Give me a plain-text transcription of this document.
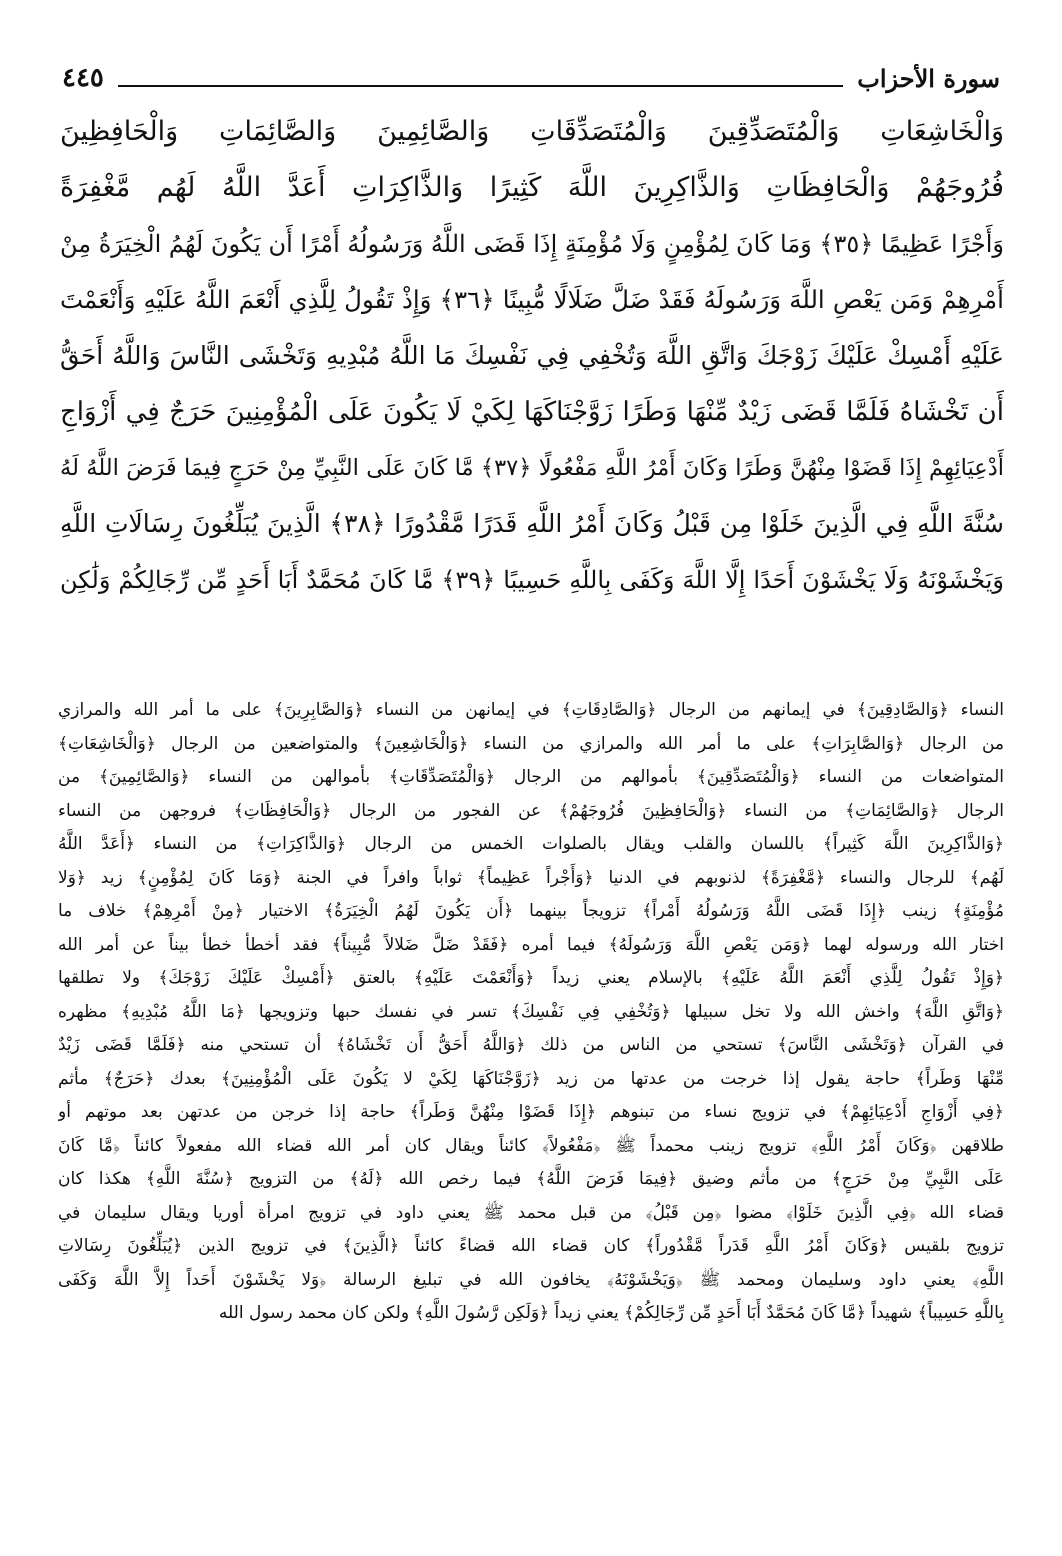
سورة الأحزاب
٤٤٥
وَالْخَاشِعَاتِ وَالْمُتَصَدِّقِينَ وَالْمُتَصَدِّقَاتِ وَالصَّائِمِينَ وَالصَّائِمَاتِ وَالْحَافِظِينَ
فُرُوجَهُمْ وَالْحَافِظَاتِ وَالذَّاكِرِينَ اللَّهَ كَثِيرًا وَالذَّاكِرَاتِ أَعَدَّ اللَّهُ لَهُم مَّغْفِرَةً
وَأَجْرًا عَظِيمًا ﴿٣٥﴾ وَمَا كَانَ لِمُؤْمِنٍ وَلَا مُؤْمِنَةٍ إِذَا قَضَى اللَّهُ وَرَسُولُهُ أَمْرًا أَن يَكُونَ لَهُمُ الْخِيَرَةُ مِنْ
أَمْرِهِمْ وَمَن يَعْصِ اللَّهَ وَرَسُولَهُ فَقَدْ ضَلَّ ضَلَالًا مُّبِينًا ﴿٣٦﴾ وَإِذْ تَقُولُ لِلَّذِي أَنْعَمَ اللَّهُ عَلَيْهِ وَأَنْعَمْتَ
عَلَيْهِ أَمْسِكْ عَلَيْكَ زَوْجَكَ وَاتَّقِ اللَّهَ وَتُخْفِي فِي نَفْسِكَ مَا اللَّهُ مُبْدِيهِ وَتَخْشَى النَّاسَ وَاللَّهُ أَحَقُّ
أَن تَخْشَاهُ فَلَمَّا قَضَى زَيْدٌ مِّنْهَا وَطَرًا زَوَّجْنَاكَهَا لِكَيْ لَا يَكُونَ عَلَى الْمُؤْمِنِينَ حَرَجٌ فِي أَزْوَاجِ
أَدْعِيَائِهِمْ إِذَا قَضَوْا مِنْهُنَّ وَطَرًا وَكَانَ أَمْرُ اللَّهِ مَفْعُولًا ﴿٣٧﴾ مَّا كَانَ عَلَى النَّبِيِّ مِنْ حَرَجٍ فِيمَا فَرَضَ اللَّهُ لَهُ
سُنَّةَ اللَّهِ فِي الَّذِينَ خَلَوْا مِن قَبْلُ وَكَانَ أَمْرُ اللَّهِ قَدَرًا مَّقْدُورًا ﴿٣٨﴾ الَّذِينَ يُبَلِّغُونَ رِسَالَاتِ اللَّهِ
وَيَخْشَوْنَهُ وَلَا يَخْشَوْنَ أَحَدًا إِلَّا اللَّهَ وَكَفَى بِاللَّهِ حَسِيبًا ﴿٣٩﴾ مَّا كَانَ مُحَمَّدٌ أَبَا أَحَدٍ مِّن رِّجَالِكُمْ وَلَٰكِن
النساء ﴿وَالصَّادِقِينَ﴾ في إيمانهم من الرجال ﴿وَالصَّادِقَاتِ﴾ في إيمانهن من النساء ﴿وَالصَّابِرِينَ﴾ على ما أمر الله والمرازي
من الرجال ﴿وَالصَّابِرَاتِ﴾ على ما أمر الله والمرازي من النساء ﴿وَالْخَاشِعِينَ﴾ والمتواضعين من الرجال ﴿وَالْخَاشِعَاتِ﴾
المتواضعات من النساء ﴿وَالْمُتَصَدِّقِينَ﴾ بأموالهم من الرجال ﴿وَالْمُتَصَدِّقَاتِ﴾ بأموالهن من النساء ﴿وَالصَّائِمِينَ﴾ من
الرجال ﴿وَالصَّائِمَاتِ﴾ من النساء ﴿وَالْحَافِظِينَ فُرُوجَهُمْ﴾ عن الفجور من الرجال ﴿وَالْحَافِظَاتِ﴾ فروجهن من النساء
﴿وَالذَّاكِرِينَ اللَّهَ كَثِيراً﴾ باللسان والقلب ويقال بالصلوات الخمس من الرجال ﴿وَالذَّاكِرَاتِ﴾ من النساء ﴿أَعَدَّ اللَّهُ
لَهُم﴾ للرجال والنساء ﴿مَّغْفِرَةً﴾ لذنوبهم في الدنيا ﴿وَأَجْراً عَظِيماً﴾ ثواباً وافراً في الجنة ﴿وَمَا كَانَ لِمُؤْمِنٍ﴾ زيد ﴿وَلا
مُؤْمِنَةٍ﴾ زينب ﴿إِذَا قَضَى اللَّهُ وَرَسُولُهُ أَمْراً﴾ تزويجاً بينهما ﴿أَن يَكُونَ لَهُمُ الْخِيَرَةُ﴾ الاختيار ﴿مِنْ أَمْرِهِمْ﴾ خلاف ما
اختار الله ورسوله لهما ﴿وَمَن يَعْصِ اللَّهَ وَرَسُولَهُ﴾ فيما أمره ﴿فَقَدْ ضَلَّ ضَلالاً مُّبِيناً﴾ فقد أخطأ خطأ بيناً عن أمر الله
﴿وَإِذْ تَقُولُ لِلَّذِي أَنْعَمَ اللَّهُ عَلَيْهِ﴾ بالإسلام يعني زيداً ﴿وَأَنْعَمْتَ عَلَيْهِ﴾ بالعتق ﴿أَمْسِكْ عَلَيْكَ زَوْجَكَ﴾ ولا تطلقها
﴿وَاتَّقِ اللَّهَ﴾ واخش الله ولا تخل سبيلها ﴿وَتُخْفِي فِي نَفْسِكَ﴾ تسر في نفسك حبها وتزويجها ﴿مَا اللَّهُ مُبْدِيهِ﴾ مظهره
في القرآن ﴿وَتَخْشَى النَّاسَ﴾ تستحي من الناس من ذلك ﴿وَاللَّهُ أَحَقُّ أَن تَخْشَاهُ﴾ أن تستحي منه ﴿فَلَمَّا قَضَى زَيْدٌ
مِّنْهَا وَطَراً﴾ حاجة يقول إذا خرجت من عدتها من زيد ﴿زَوَّجْنَاكَهَا لِكَيْ لا يَكُونَ عَلَى الْمُؤْمِنِينَ﴾ بعدك ﴿حَرَجٌ﴾ مأثم
﴿فِي أَزْوَاجِ أَدْعِيَائِهِمْ﴾ في تزويج نساء من تبنوهم ﴿إِذَا قَضَوْا مِنْهُنَّ وَطَراً﴾ حاجة إذا خرجن من عدتهن بعد موتهم أو
طلاقهن ﴿وَكَانَ أَمْرُ اللَّهِ﴾ تزويج زينب محمداً ﷺ ﴿مَفْعُولاً﴾ كائناً ويقال كان أمر الله قضاء الله مفعولاً كائناً ﴿مَّا كَانَ
عَلَى النَّبِيِّ مِنْ حَرَجٍ﴾ من مأثم وضيق ﴿فِيمَا فَرَضَ اللَّهُ﴾ فيما رخص الله ﴿لَهُ﴾ من التزويج ﴿سُنَّةَ اللَّهِ﴾ هكذا كان
قضاء الله ﴿فِي الَّذِينَ خَلَوْا﴾ مضوا ﴿مِن قَبْلُ﴾ من قبل محمد ﷺ يعني داود في تزويج امرأة أوريا ويقال سليمان في
تزويج بلقيس ﴿وَكَانَ أَمْرُ اللَّهِ قَدَراً مَّقْدُوراً﴾ كان قضاء الله قضاءً كائناً ﴿الَّذِينَ﴾ في تزويج الذين ﴿يُبَلِّغُونَ رِسَالاتِ
اللَّهِ﴾ يعني داود وسليمان ومحمد ﷺ ﴿وَيَخْشَوْنَهُ﴾ يخافون الله في تبليغ الرسالة ﴿وَلا يَخْشَوْنَ أَحَداً إِلاَّ اللَّهَ وَكَفَى
بِاللَّهِ حَسِيباً﴾ شهيداً ﴿مَّا كَانَ مُحَمَّدٌ أَبَا أَحَدٍ مِّن رِّجَالِكُمْ﴾ يعني زيداً ﴿وَلَكِن رَّسُولَ اللَّهِ﴾ ولكن كان محمد رسول الله
